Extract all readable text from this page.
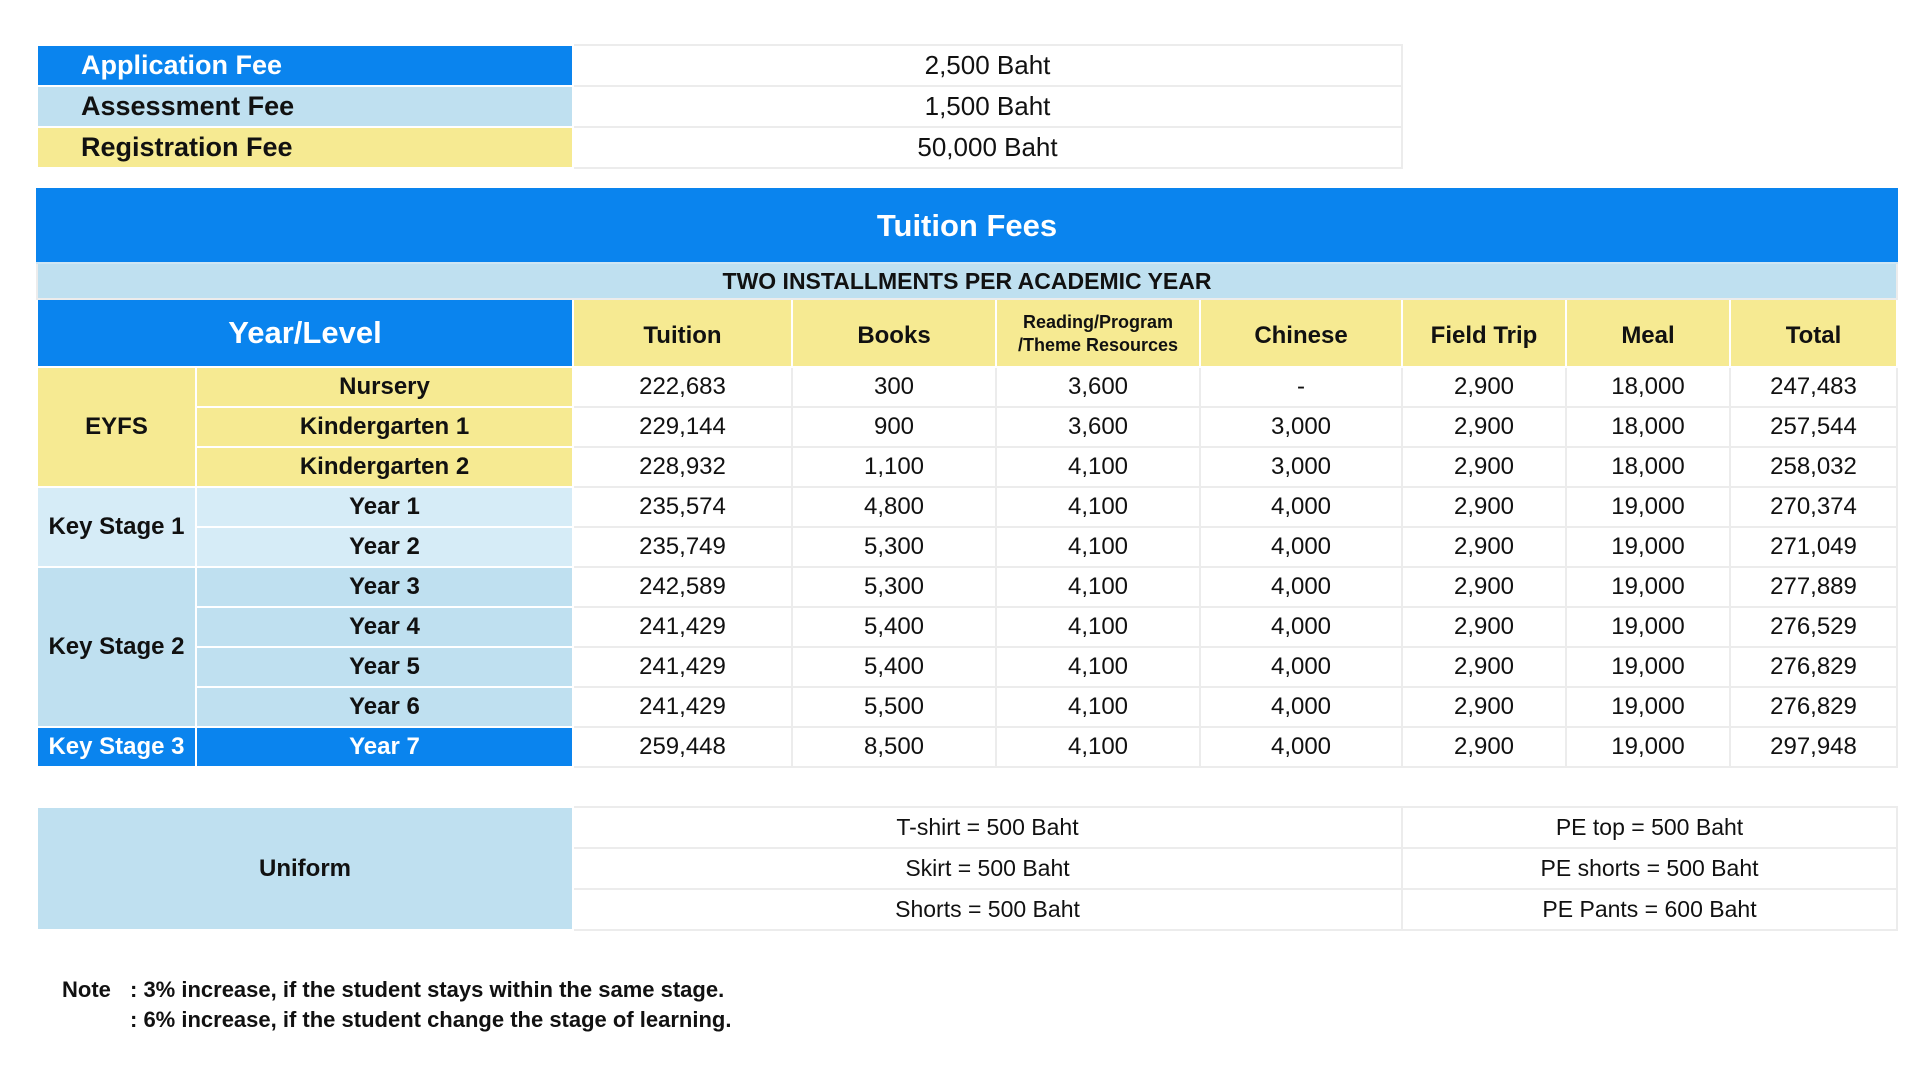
Application Fee	2,500 Baht
Assessment Fee	1,500 Baht
Registration Fee	50,000 Baht
Tuition Fees								
TWO INSTALLMENTS PER ACADEMIC YEAR								
Year/Level		Tuition	Books	Reading/Program
/Theme Resources	Chinese	Field Trip	Meal	Total
EYFS	Nursery	222,683	300	3,600	-	2,900	18,000	247,483
	Kindergarten 1	229,144	900	3,600	3,000	2,900	18,000	257,544
	Kindergarten 2	228,932	1,100	4,100	3,000	2,900	18,000	258,032
Key Stage 1	Year 1	235,574	4,800	4,100	4,000	2,900	19,000	270,374
	Year 2	235,749	5,300	4,100	4,000	2,900	19,000	271,049
Key Stage 2	Year 3	242,589	5,300	4,100	4,000	2,900	19,000	277,889
	Year 4	241,429	5,400	4,100	4,000	2,900	19,000	276,529
	Year 5	241,429	5,400	4,100	4,000	2,900	19,000	276,829
	Year 6	241,429	5,500	4,100	4,000	2,900	19,000	276,829
Key Stage 3	Year 7	259,448	8,500	4,100	4,000	2,900	19,000	297,948
Uniform	T-shirt = 500 Baht	PE top = 500 Baht
	Skirt = 500 Baht	PE shorts = 500 Baht
	Shorts = 500 Baht	PE Pants = 600 Baht
Note : 3% increase, if the student stays within the same stage.
: 6% increase, if the student change the stage of learning.
